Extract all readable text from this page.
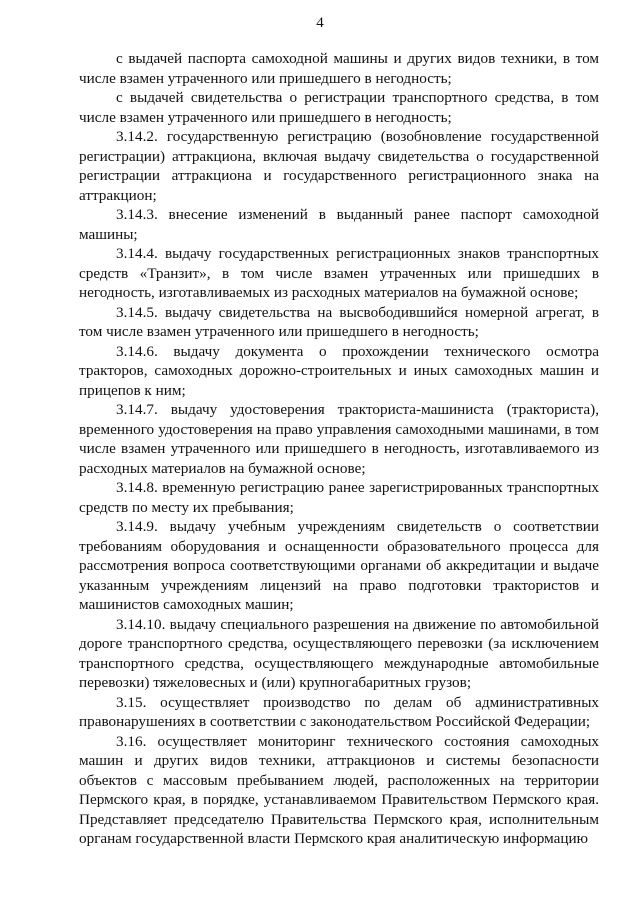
4

с выдачей паспорта самоходной машины и других видов техники, в том числе взамен утраченного или пришедшего в негодность;

с выдачей свидетельства о регистрации транспортного средства, в том числе взамен утраченного или пришедшего в негодность;

3.14.2. государственную регистрацию (возобновление государственной регистрации) аттракциона, включая выдачу свидетельства о государственной регистрации аттракциона и государственного регистрационного знака на аттракцион;

3.14.3. внесение изменений в выданный ранее паспорт самоходной машины;

3.14.4. выдачу государственных регистрационных знаков транспортных средств «Транзит», в том числе взамен утраченных или пришедших в негодность, изготавливаемых из расходных материалов на бумажной основе;

3.14.5. выдачу свидетельства на высвободившийся номерной агрегат, в том числе взамен утраченного или пришедшего в негодность;

3.14.6. выдачу документа о прохождении технического осмотра тракторов, самоходных дорожно-строительных и иных самоходных машин и прицепов к ним;

3.14.7. выдачу удостоверения тракториста-машиниста (тракториста), временного удостоверения на право управления самоходными машинами, в том числе взамен утраченного или пришедшего в негодность, изготавливаемого из расходных материалов на бумажной основе;

3.14.8. временную регистрацию ранее зарегистрированных транспортных средств по месту их пребывания;

3.14.9. выдачу учебным учреждениям свидетельств о соответствии требованиям оборудования и оснащенности образовательного процесса для рассмотрения вопроса соответствующими органами об аккредитации и выдаче указанным учреждениям лицензий на право подготовки трактористов и машинистов самоходных машин;

3.14.10. выдачу специального разрешения на движение по автомобильной дороге транспортного средства, осуществляющего перевозки (за исключением транспортного средства, осуществляющего международные автомобильные перевозки) тяжеловесных и (или) крупногабаритных грузов;

3.15. осуществляет производство по делам об административных правонарушениях в соответствии с законодательством Российской Федерации;

3.16. осуществляет мониторинг технического состояния самоходных машин и других видов техники, аттракционов и системы безопасности объектов с массовым пребыванием людей, расположенных на территории Пермского края, в порядке, устанавливаемом Правительством Пермского края. Представляет председателю Правительства Пермского края, исполнительным органам государственной власти Пермского края аналитическую информацию
